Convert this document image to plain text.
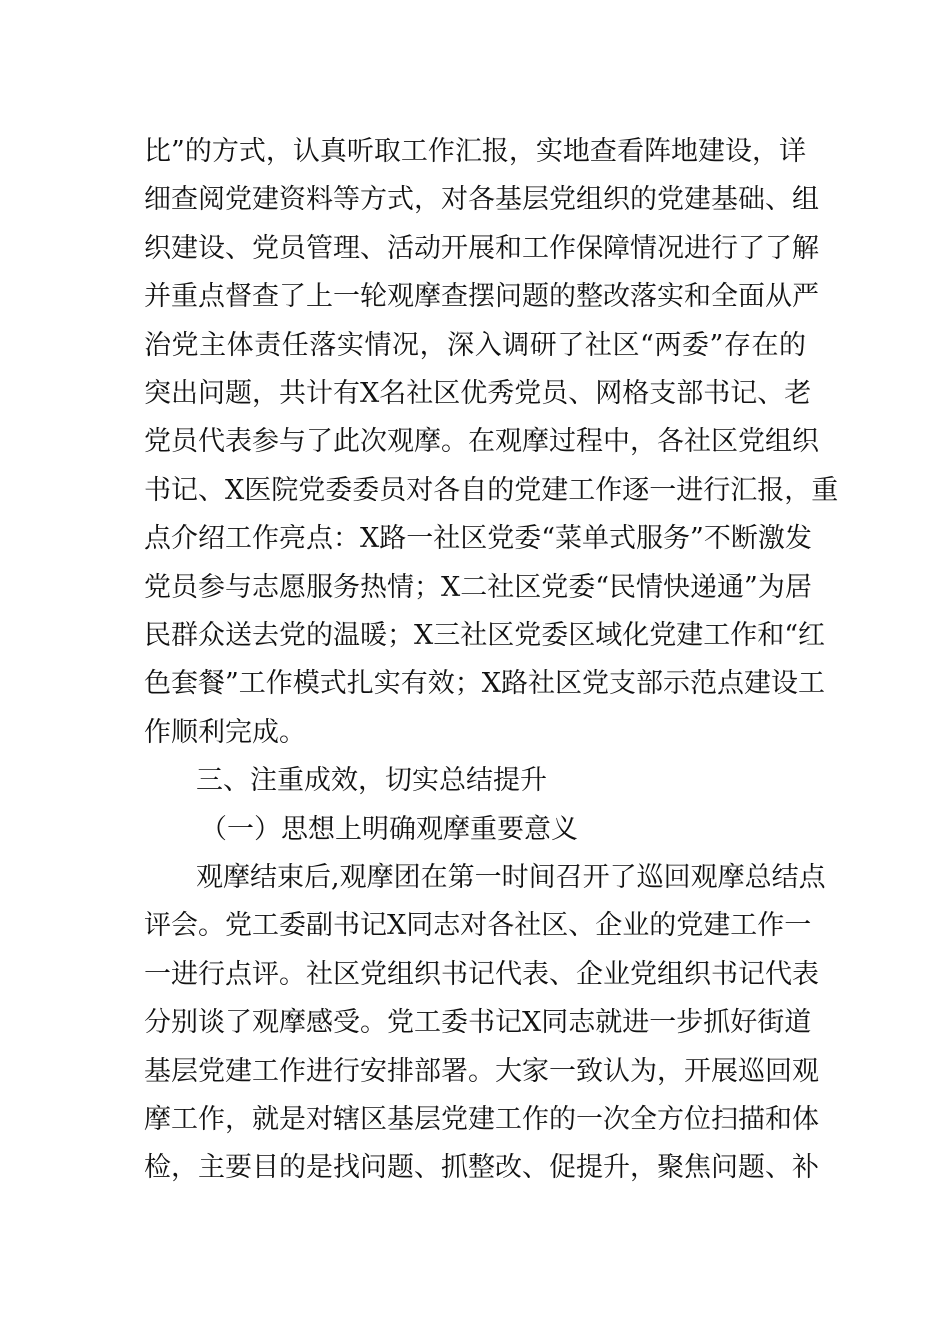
比”的方式，认真听取工作汇报，实地查看阵地建设，详
细查阅党建资料等方式，对各基层党组织的党建基础、组
织建设、党员管理、活动开展和工作保障情况进行了了解
并重点督查了上一轮观摩查摆问题的整改落实和全面从严
治党主体责任落实情况，深入调研了社区“两委”存在的
突出问题，共计有X名社区优秀党员、网格支部书记、老
党员代表参与了此次观摩。在观摩过程中，各社区党组织
书记、X医院党委委员对各自的党建工作逐一进行汇报，重
点介绍工作亮点：X路一社区党委“菜单式服务”不断激发
党员参与志愿服务热情；X二社区党委“民情快递通”为居
民群众送去党的温暖；X三社区党委区域化党建工作和“红
色套餐”工作模式扎实有效；X路社区党支部示范点建设工
作顺利完成。
三、注重成效，切实总结提升
（一）思想上明确观摩重要意义
观摩结束后,观摩团在第一时间召开了巡回观摩总结点
评会。党工委副书记X同志对各社区、企业的党建工作一
一进行点评。社区党组织书记代表、企业党组织书记代表
分别谈了观摩感受。党工委书记X同志就进一步抓好街道
基层党建工作进行安排部署。大家一致认为，开展巡回观
摩工作，就是对辖区基层党建工作的一次全方位扫描和体
检，主要目的是找问题、抓整改、促提升，聚焦问题、补
